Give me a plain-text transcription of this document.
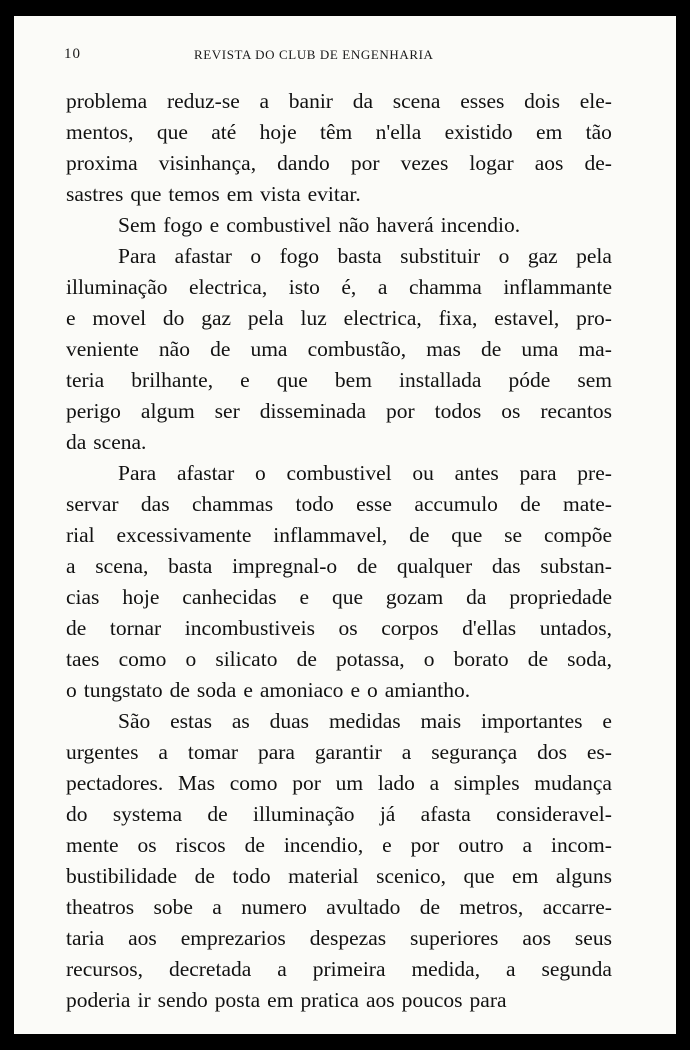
10	REVISTA DO CLUB DE ENGENHARIA
problema reduz-se a banir da scena esses dois ele-
mentos, que até hoje têm n'ella existido em tão
proxima visinhança, dando por vezes logar aos de-
sastres que temos em vista evitar.
Sem fogo e combustivel não haverá incendio.
Para afastar o fogo basta substituir o gaz pela
illuminação electrica, isto é, a chamma inflammante
e movel do gaz pela luz electrica, fixa, estavel, pro-
veniente não de uma combustão, mas de uma ma-
teria brilhante, e que bem installada póde sem
perigo algum ser disseminada por todos os recantos
da scena.
Para afastar o combustivel ou antes para pre-
servar das chammas todo esse accumulo de mate-
rial excessivamente inflammavel, de que se compõe
a scena, basta impregnal-o de qualquer das substan-
cias hoje canhecidas e que gozam da propriedade
de tornar incombustiveis os corpos d'ellas untados,
taes como o silicato de potassa, o borato de soda,
o tungstato de soda e amoniaco e o amiantho.
São estas as duas medidas mais importantes e
urgentes a tomar para garantir a segurança dos es-
pectadores. Mas como por um lado a simples mudança
do systema de illuminação já afasta consideravel-
mente os riscos de incendio, e por outro a incom-
bustibilidade de todo material scenico, que em alguns
theatros sobe a numero avultado de metros, accarre-
taria aos emprezarios despezas superiores aos seus
recursos, decretada a primeira medida, a segunda
poderia ir sendo posta em pratica aos poucos para
